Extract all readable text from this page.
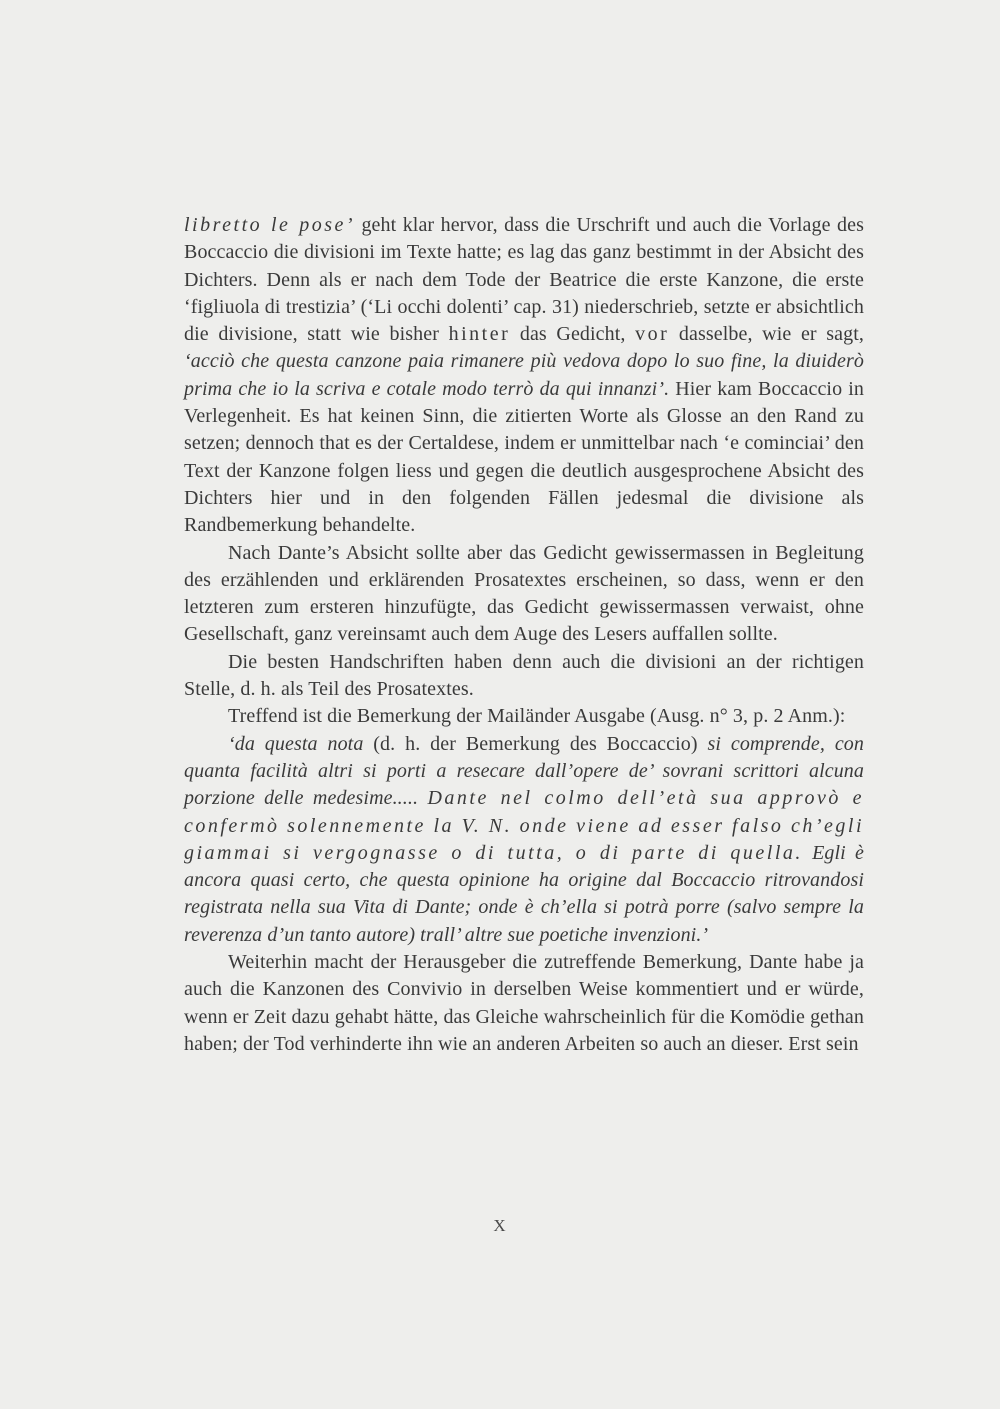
libretto le pose’ geht klar hervor, dass die Urschrift und auch die Vorlage des Boccaccio die divisioni im Texte hatte; es lag das ganz bestimmt in der Absicht des Dichters. Denn als er nach dem Tode der Beatrice die erste Kanzone, die erste ‘figliuola di trestizia’ (‘Li occhi dolenti’ cap. 31) niederschrieb, setzte er absichtlich die divisione, statt wie bisher hinter das Gedicht, vor dasselbe, wie er sagt, ‘acciò che questa canzone paia rimanere più vedova dopo lo suo fine, la diuiderò prima che io la scriva e cotale modo terrò da qui innanzi’. Hier kam Boccaccio in Verlegenheit. Es hat keinen Sinn, die zitierten Worte als Glosse an den Rand zu setzen; dennoch that es der Certaldese, indem er unmittelbar nach ‘e cominciai’ den Text der Kanzone folgen liess und gegen die deutlich ausgesprochene Absicht des Dichters hier und in den folgenden Fällen jedesmal die divisione als Randbemerkung behandelte.

Nach Dante’s Absicht sollte aber das Gedicht gewissermassen in Begleitung des erzählenden und erklärenden Prosatextes erscheinen, so dass, wenn er den letzteren zum ersteren hinzufügte, das Gedicht gewissermassen verwaist, ohne Gesellschaft, ganz vereinsamt auch dem Auge des Lesers auffallen sollte.

Die besten Handschriften haben denn auch die divisioni an der richtigen Stelle, d. h. als Teil des Prosatextes.

Treffend ist die Bemerkung der Mailänder Ausgabe (Ausg. n° 3, p. 2 Anm.):

‘da questa nota (d. h. der Bemerkung des Boccaccio) si comprende, con quanta facilità altri si porti a resecare dall’opere de’ sovrani scrittori alcuna porzione delle medesime..... Dante nel colmo dell’età sua approvò e confermò solennemente la V. N. onde viene ad esser falso ch’egli giammai si vergognasse o di tutta, o di parte di quella. Egli è ancora quasi certo, che questa opinione ha origine dal Boccaccio ritrovandosi registrata nella sua Vita di Dante; onde è ch’ella si potrà porre (salvo sempre la reverenza d’un tanto autore) trall’ altre sue poetiche invenzioni.’

Weiterhin macht der Herausgeber die zutreffende Bemerkung, Dante habe ja auch die Kanzonen des Convivio in derselben Weise kommentiert und er würde, wenn er Zeit dazu gehabt hätte, das Gleiche wahrscheinlich für die Komödie gethan haben; der Tod verhinderte ihn wie an anderen Arbeiten so auch an dieser. Erst sein

X
